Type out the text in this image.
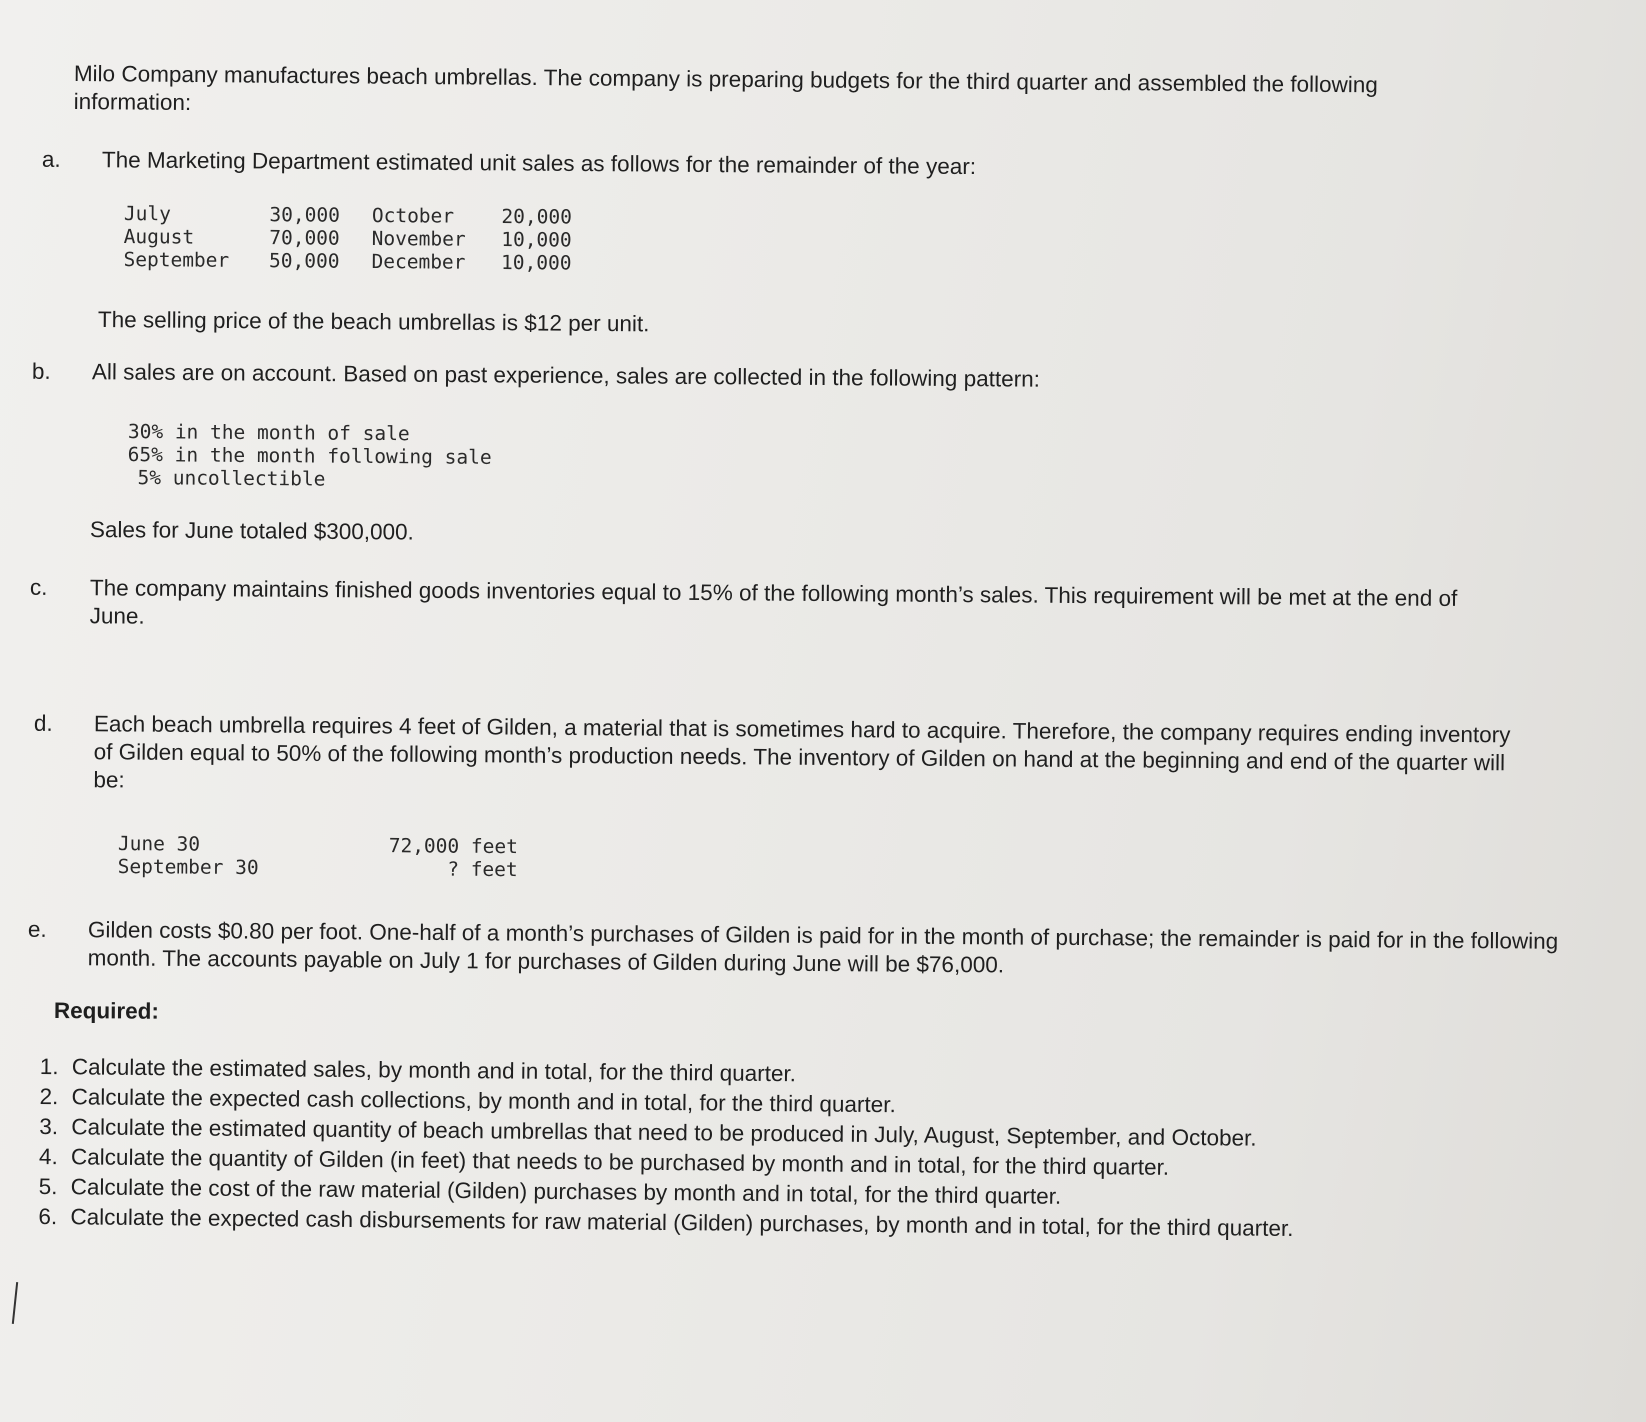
Milo Company manufactures beach umbrellas. The company is preparing budgets for the third quarter and assembled the following information:

a. The Marketing Department estimated unit sales as follows for the remainder of the year:

July	30,000	October	20,000
August	70,000	November	10,000
September	50,000	December	10,000

The selling price of the beach umbrellas is $12 per unit.

b. All sales are on account. Based on past experience, sales are collected in the following pattern:

30% in the month of sale
65% in the month following sale
5% uncollectible

Sales for June totaled $300,000.

c. The company maintains finished goods inventories equal to 15% of the following month’s sales. This requirement will be met at the end of June.

d. Each beach umbrella requires 4 feet of Gilden, a material that is sometimes hard to acquire. Therefore, the company requires ending inventory of Gilden equal to 50% of the following month’s production needs. The inventory of Gilden on hand at the beginning and end of the quarter will be:

June 30	72,000 feet
September 30	? feet

e. Gilden costs $0.80 per foot. One-half of a month’s purchases of Gilden is paid for in the month of purchase; the remainder is paid for in the following month. The accounts payable on July 1 for purchases of Gilden during June will be $76,000.

Required:
1. Calculate the estimated sales, by month and in total, for the third quarter.
2. Calculate the expected cash collections, by month and in total, for the third quarter.
3. Calculate the estimated quantity of beach umbrellas that need to be produced in July, August, September, and October.
4. Calculate the quantity of Gilden (in feet) that needs to be purchased by month and in total, for the third quarter.
5. Calculate the cost of the raw material (Gilden) purchases by month and in total, for the third quarter.
6. Calculate the expected cash disbursements for raw material (Gilden) purchases, by month and in total, for the third quarter.
